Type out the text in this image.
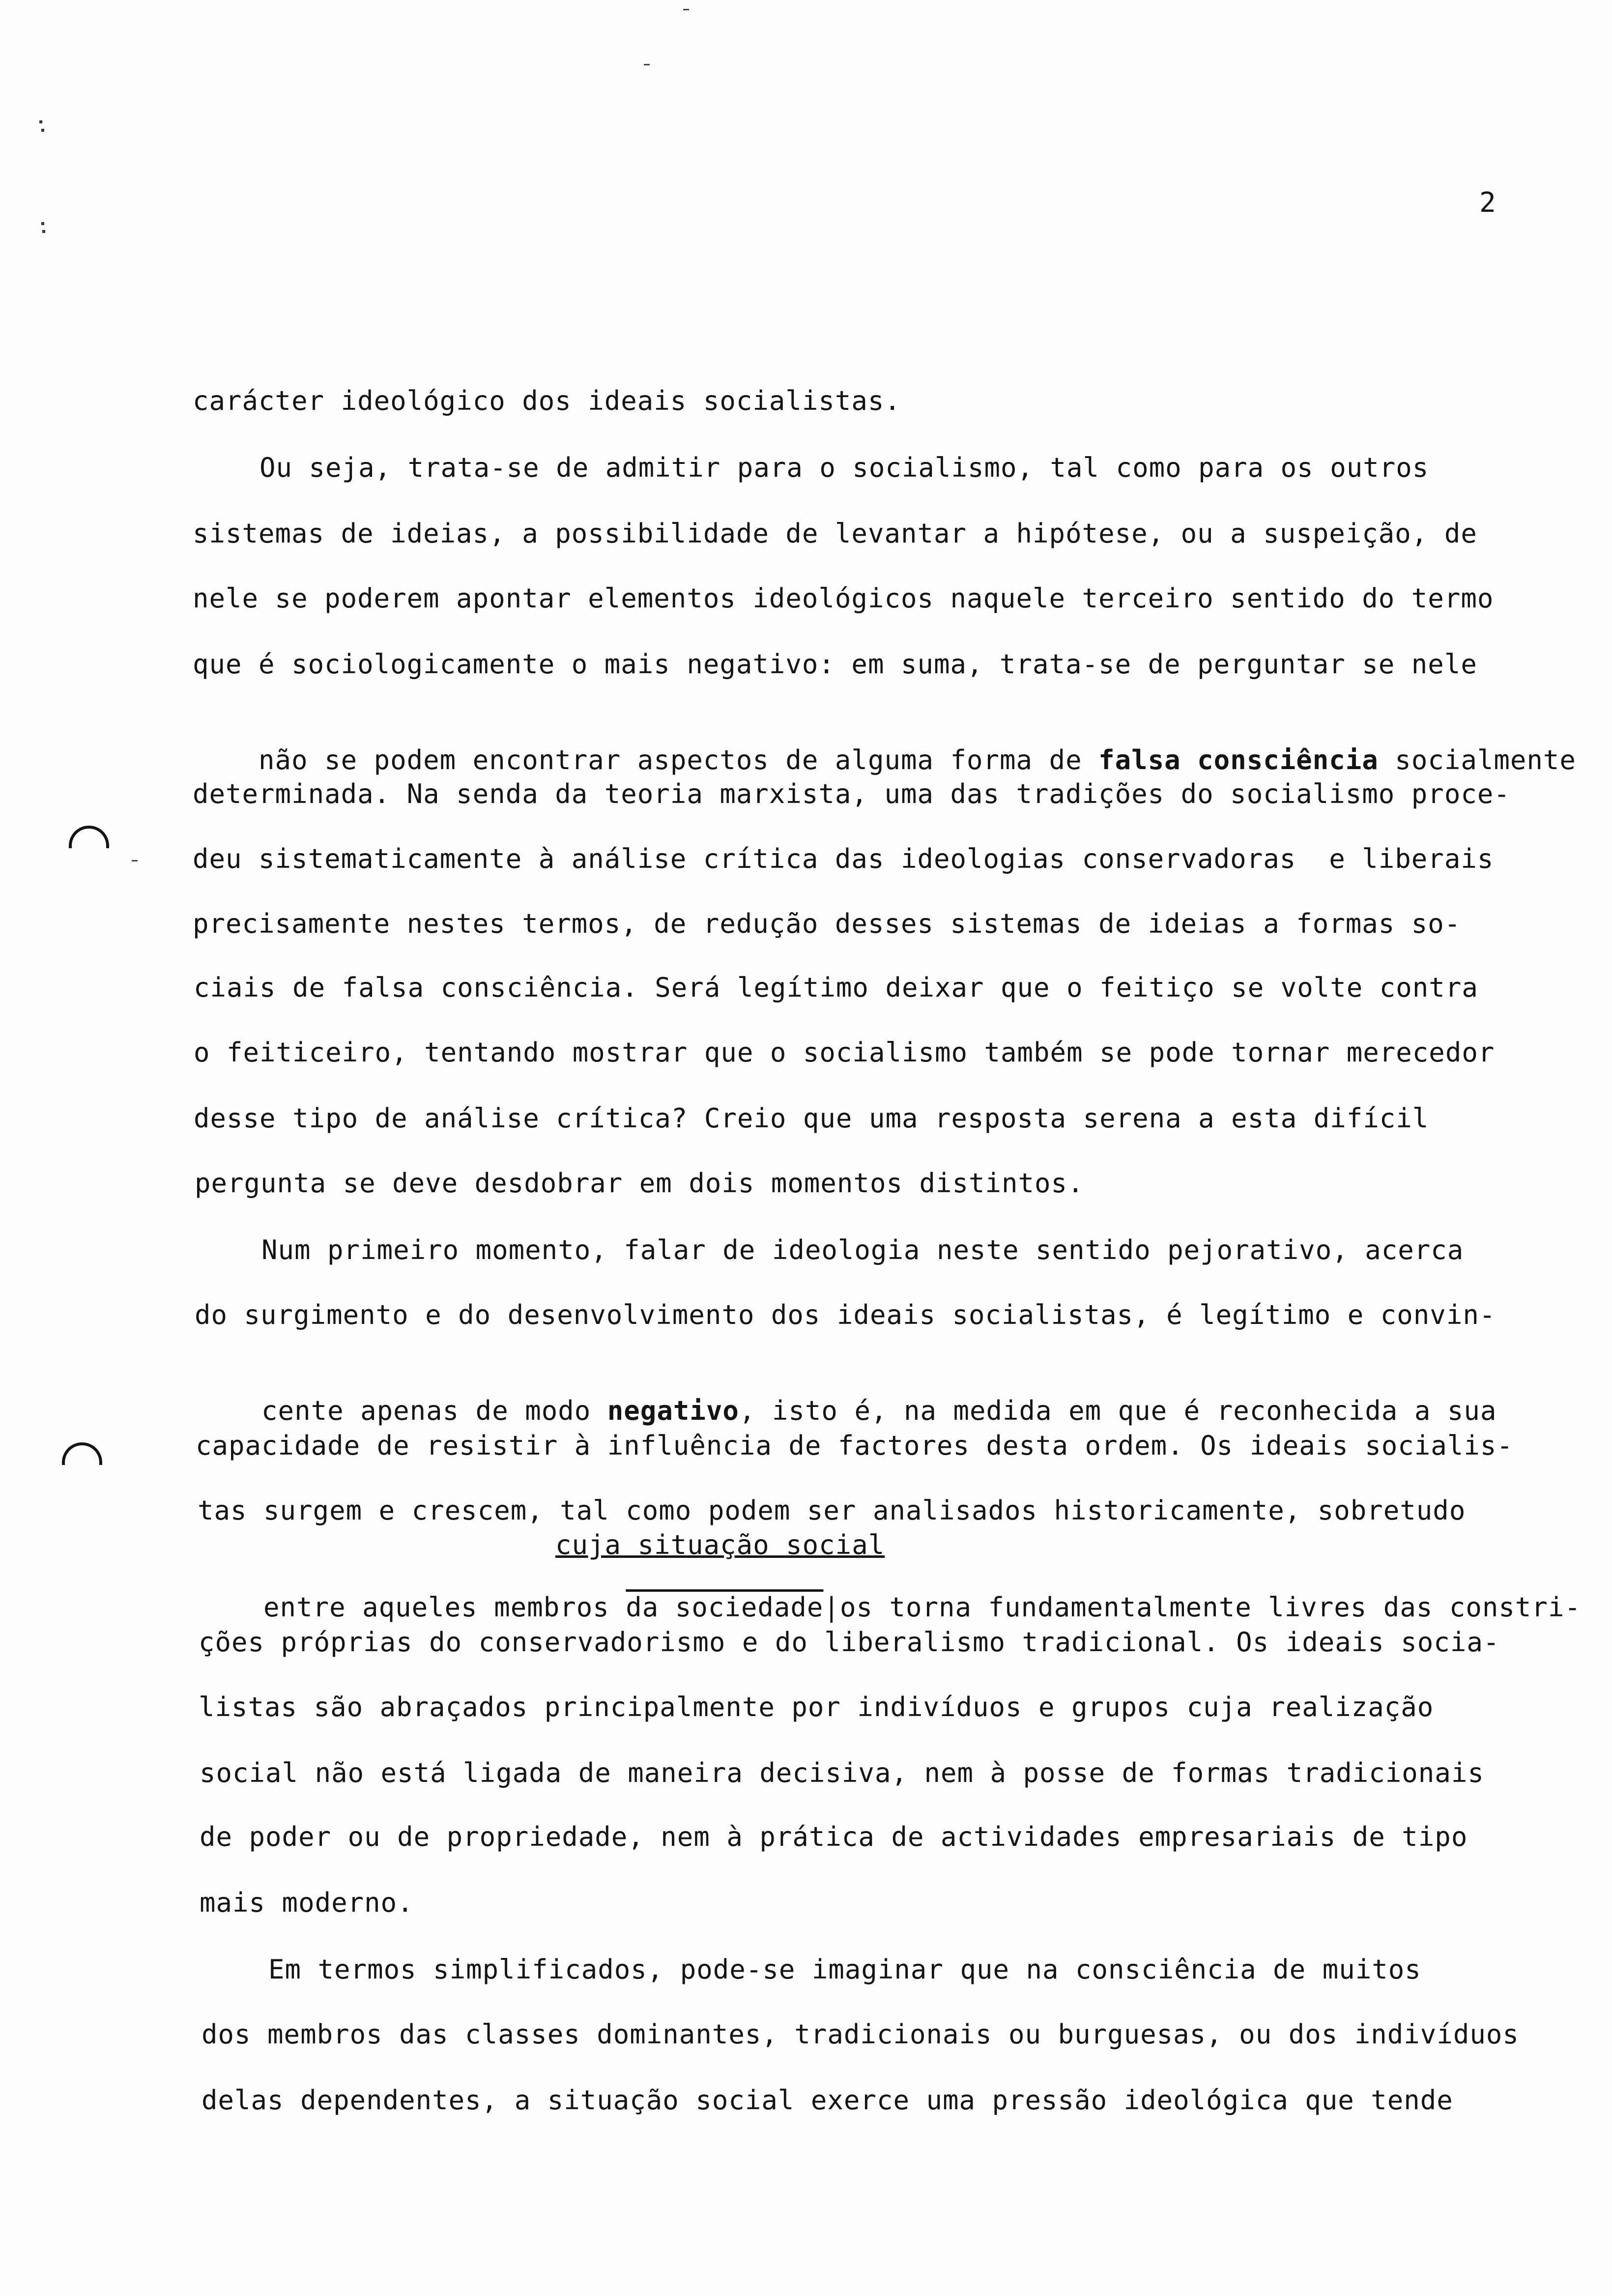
2
carácter ideológico dos ideais socialistas.
Ou seja, trata-se de admitir para o socialismo, tal como para os outros
sistemas de ideias, a possibilidade de levantar a hipótese, ou a suspeição, de
nele se poderem apontar elementos ideológicos naquele terceiro sentido do termo
que é sociologicamente o mais negativo: em suma, trata-se de perguntar se nele

não se podem encontrar aspectos de alguma forma de falsa consciência socialmente

determinada. Na senda da teoria marxista, uma das tradições do socialismo proce-
deu sistematicamente à análise crítica das ideologias conservadoras  e liberais
precisamente nestes termos, de redução desses sistemas de ideias a formas so-
ciais de falsa consciência. Será legítimo deixar que o feitiço se volte contra
o feiticeiro, tentando mostrar que o socialismo também se pode tornar merecedor
desse tipo de análise crítica? Creio que uma resposta serena a esta difícil
pergunta se deve desdobrar em dois momentos distintos.
Num primeiro momento, falar de ideologia neste sentido pejorativo, acerca
do surgimento e do desenvolvimento dos ideais socialistas, é legítimo e convin-

cente apenas de modo negativo, isto é, na medida em que é reconhecida a sua

capacidade de resistir à influência de factores desta ordem. Os ideais socialis-
tas surgem e crescem, tal como podem ser analisados historicamente, sobretudo
cuja situação social

entre aqueles membros da sociedade|os torna fundamentalmente livres das constri-

ções próprias do conservadorismo e do liberalismo tradicional. Os ideais socia-
listas são abraçados principalmente por indivíduos e grupos cuja realização
social não está ligada de maneira decisiva, nem à posse de formas tradicionais
de poder ou de propriedade, nem à prática de actividades empresariais de tipo
mais moderno.
Em termos simplificados, pode-se imaginar que na consciência de muitos
dos membros das classes dominantes, tradicionais ou burguesas, ou dos indivíduos
delas dependentes, a situação social exerce uma pressão ideológica que tende
